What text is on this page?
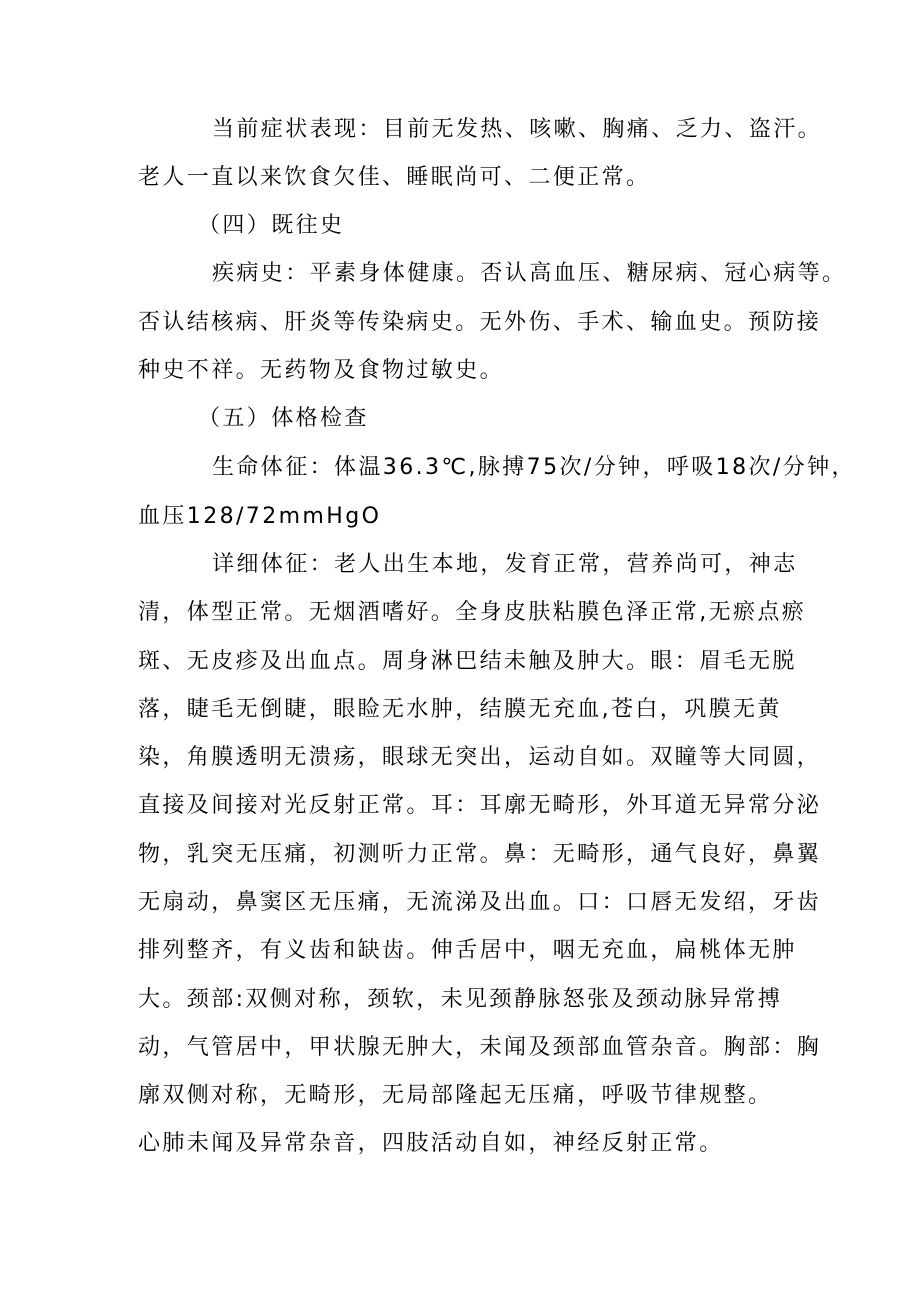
当前症状表现：目前无发热、咳嗽、胸痛、乏力、盗汗。
老人一直以来饮食欠佳、睡眠尚可、二便正常。
（四）既往史
疾病史：平素身体健康。否认高血压、糖尿病、冠心病等。
否认结核病、肝炎等传染病史。无外伤、手术、输血史。预防接
种史不祥。无药物及食物过敏史。
（五）体格检查
生命体征：体温36.3℃,脉搏75次/分钟，呼吸18次/分钟，
血压128/72mmHgO
详细体征：老人出生本地，发育正常，营养尚可，神志
清，体型正常。无烟酒嗜好。全身皮肤粘膜色泽正常,无瘀点瘀
斑、无皮疹及出血点。周身淋巴结未触及肿大。眼：眉毛无脱
落，睫毛无倒睫，眼睑无水肿，结膜无充血,苍白，巩膜无黄
染，角膜透明无溃疡，眼球无突出，运动自如。双瞳等大同圆，
直接及间接对光反射正常。耳：耳廓无畸形，外耳道无异常分泌
物，乳突无压痛，初测听力正常。鼻：无畸形，通气良好，鼻翼
无扇动，鼻窦区无压痛，无流涕及出血。口：口唇无发绍，牙齿
排列整齐，有义齿和缺齿。伸舌居中，咽无充血，扁桃体无肿
大。颈部:双侧对称，颈软，未见颈静脉怒张及颈动脉异常搏
动，气管居中，甲状腺无肿大，未闻及颈部血管杂音。胸部：胸
廓双侧对称，无畸形，无局部隆起无压痛，呼吸节律规整。
心肺未闻及异常杂音，四肢活动自如，神经反射正常。
